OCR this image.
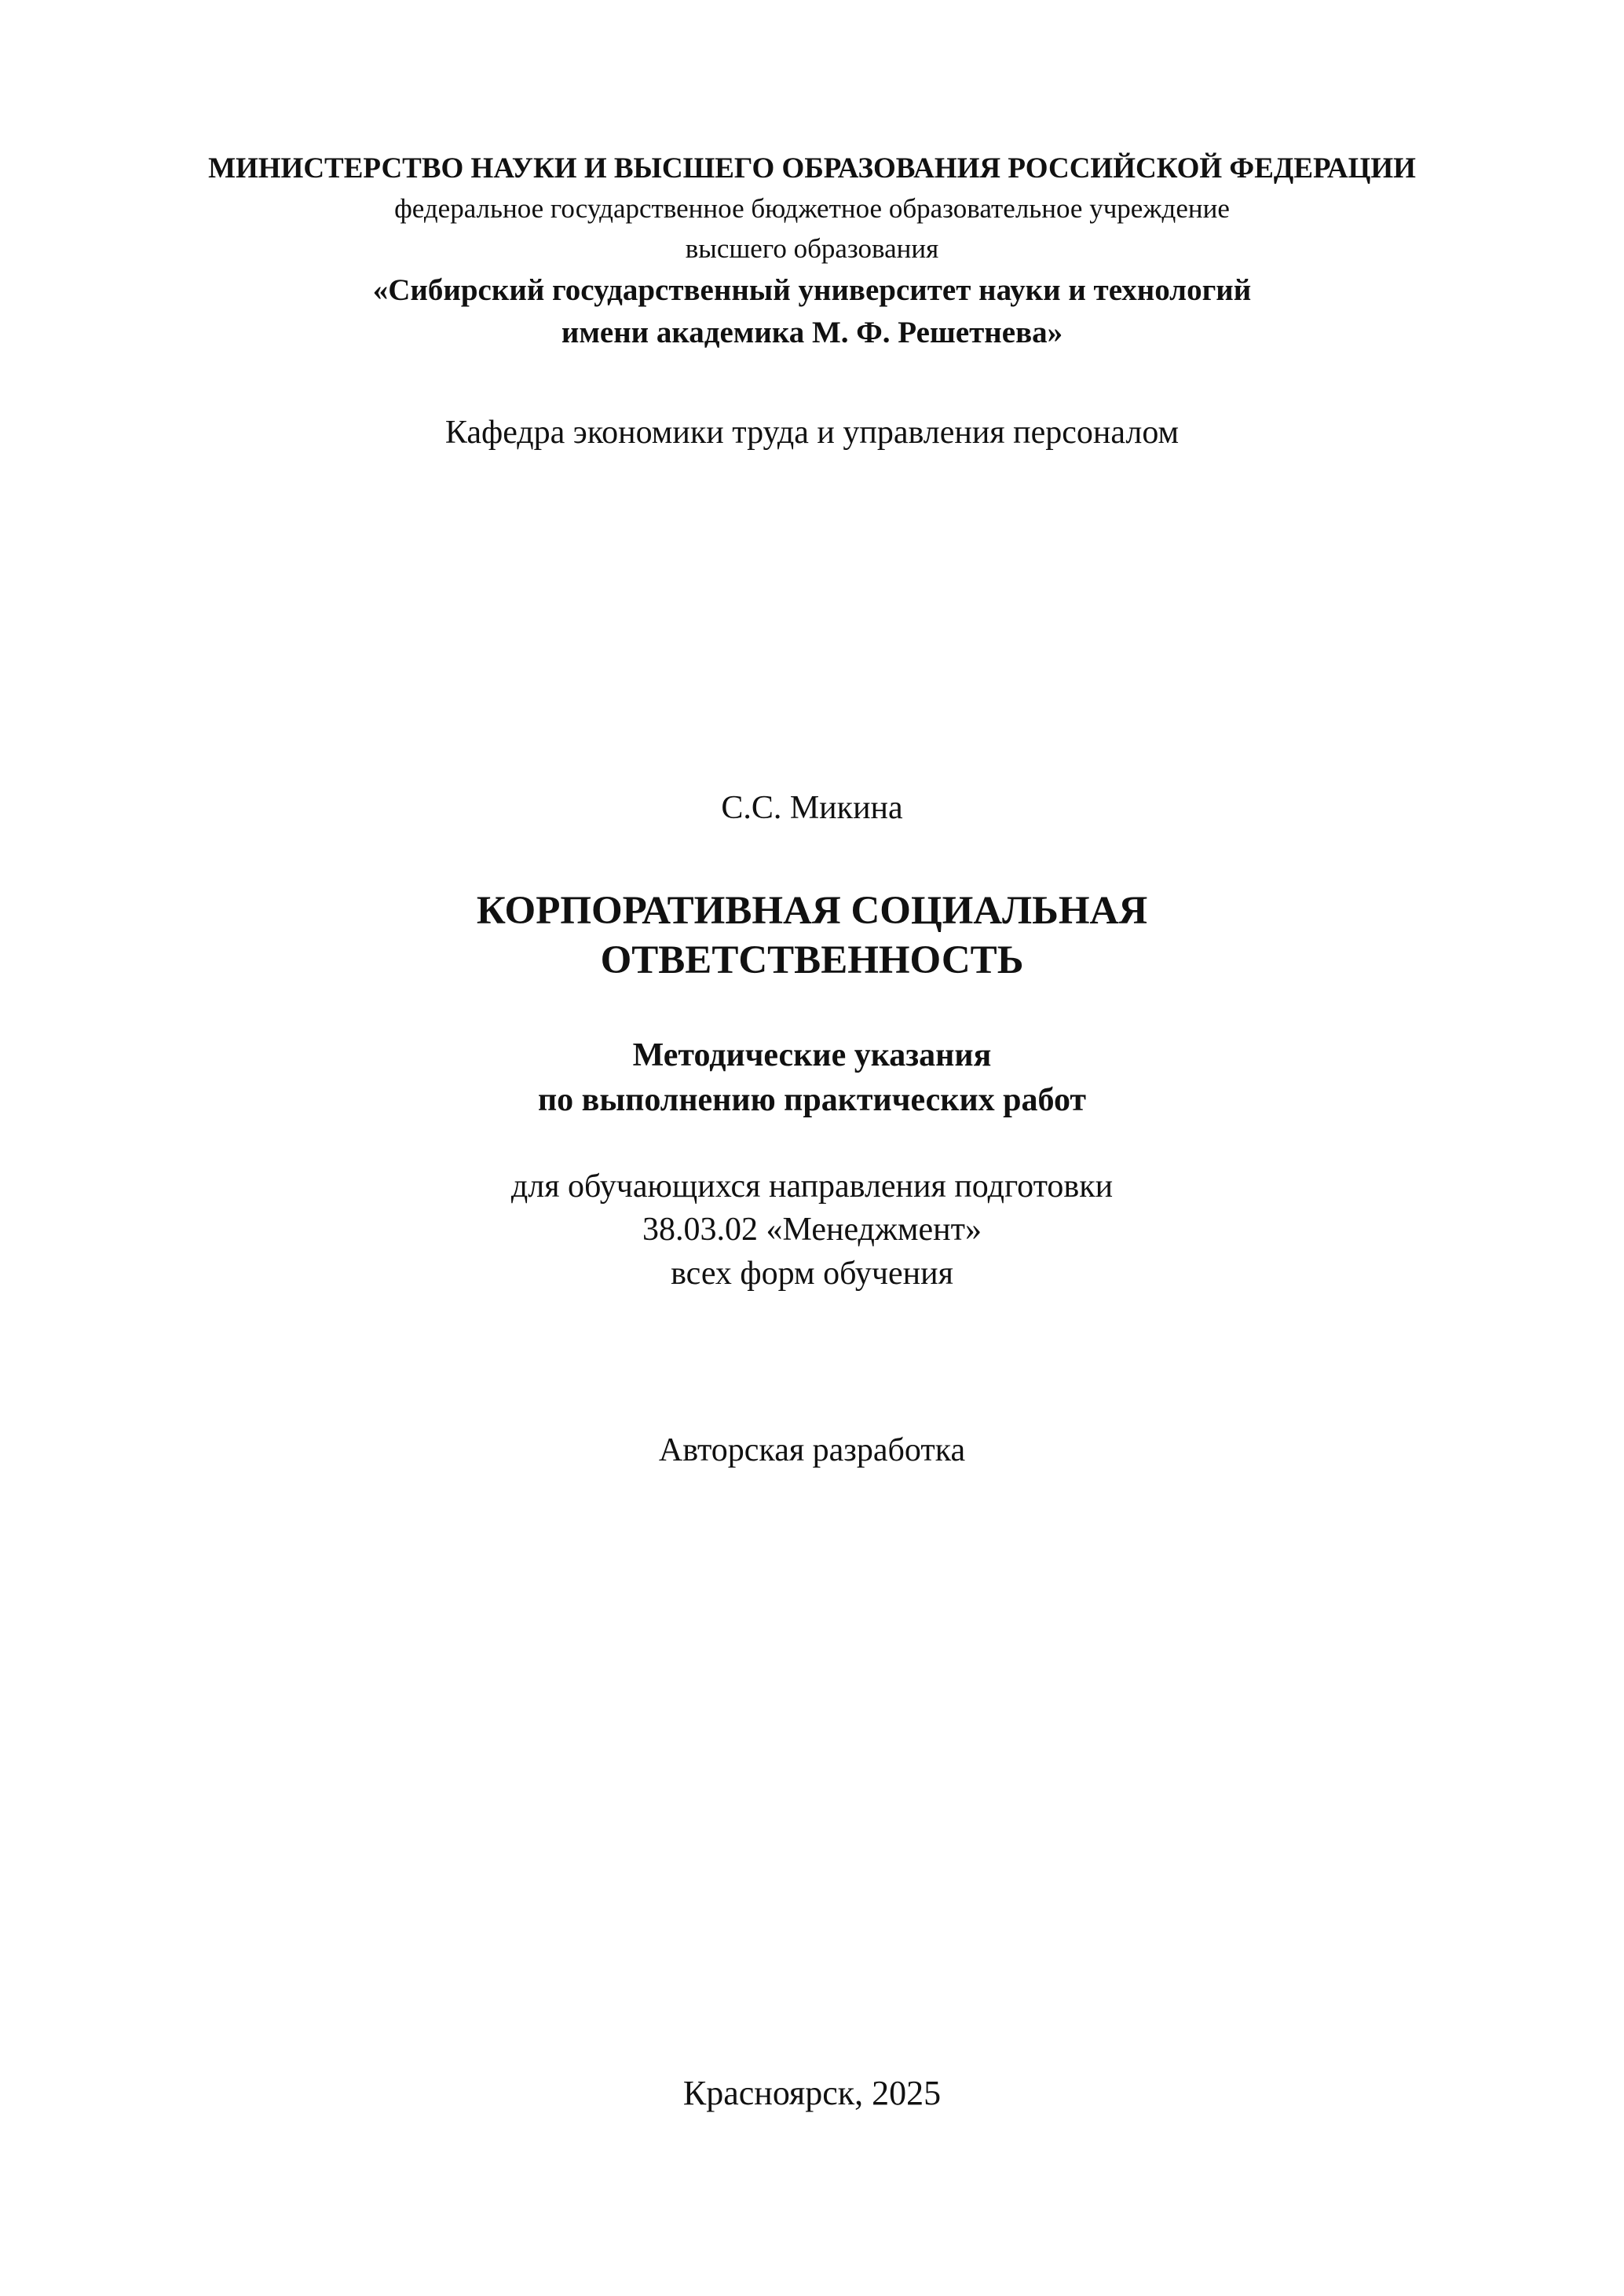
МИНИСТЕРСТВО НАУКИ И ВЫСШЕГО ОБРАЗОВАНИЯ РОССИЙСКОЙ ФЕДЕРАЦИИ
федеральное государственное бюджетное образовательное учреждение
высшего образования
«Сибирский государственный университет науки и технологий
имени академика М. Ф. Решетнева»
Кафедра экономики труда и управления персоналом
С.С. Микина
КОРПОРАТИВНАЯ СОЦИАЛЬНАЯ
ОТВЕТСТВЕННОСТЬ
Методические указания
по выполнению практических работ
для обучающихся направления подготовки
38.03.02 «Менеджмент»
всех форм обучения
Авторская разработка
Красноярск, 2025
